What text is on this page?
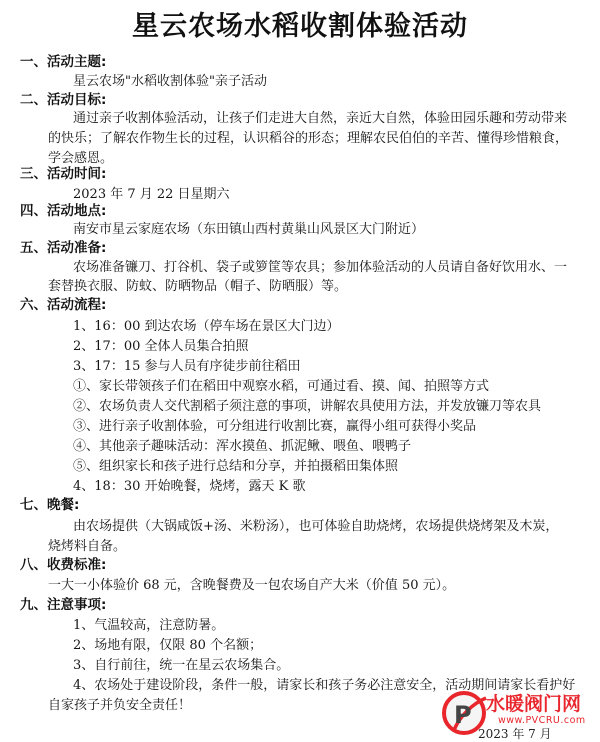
星云农场水稻收割体验活动
一、活动主题:
星云农场"水稻收割体验"亲子活动
二、活动目标:
通过亲子收割体验活动，让孩子们走进大自然，亲近大自然，体验田园乐趣和劳动带来
的快乐；了解农作物生长的过程，认识稻谷的形态；理解农民伯伯的辛苦、懂得珍惜粮食，
学会感恩。
三、活动时间:
2023 年 7 月 22 日星期六
四、活动地点:
南安市星云家庭农场（东田镇山西村黄巢山风景区大门附近）
五、活动准备:
农场准备镰刀、打谷机、袋子或箩筐等农具；参加体验活动的人员请自备好饮用水、一
套替换衣服、防蚊、防晒物品（帽子、防晒服）等。
六、活动流程:
1、16：00 到达农场（停车场在景区大门边）
2、17：00 全体人员集合拍照
3、17：15 参与人员有序徒步前往稻田
①、家长带领孩子们在稻田中观察水稻，可通过看、摸、闻、拍照等方式
②、农场负责人交代割稻子须注意的事项，讲解农具使用方法，并发放镰刀等农具
③、进行亲子收割体验，可分组进行收割比赛，赢得小组可获得小奖品
④、其他亲子趣味活动：浑水摸鱼、抓泥鳅、喂鱼、喂鸭子
⑤、组织家长和孩子进行总结和分享，并拍摄稻田集体照
4、18：30 开始晚餐，烧烤，露天 K 歌
七、晚餐:
由农场提供（大锅咸饭+汤、米粉汤），也可体验自助烧烤，农场提供烧烤架及木炭，
烧烤料自备。
八、收费标准:
一大一小体验价 68 元，含晚餐费及一包农场自产大米（价值 50 元）。
九、注意事项:
1、气温较高，注意防暑。
2、场地有限，仅限 80 个名额；
3、自行前往，统一在星云农场集合。
4、农场处于建设阶段，条件一般，请家长和孩子务必注意安全，活动期间请家长看护好
自家孩子并负安全责任！
2023 年 7 月
P 水暖阀门网
www.PVCRU.com
